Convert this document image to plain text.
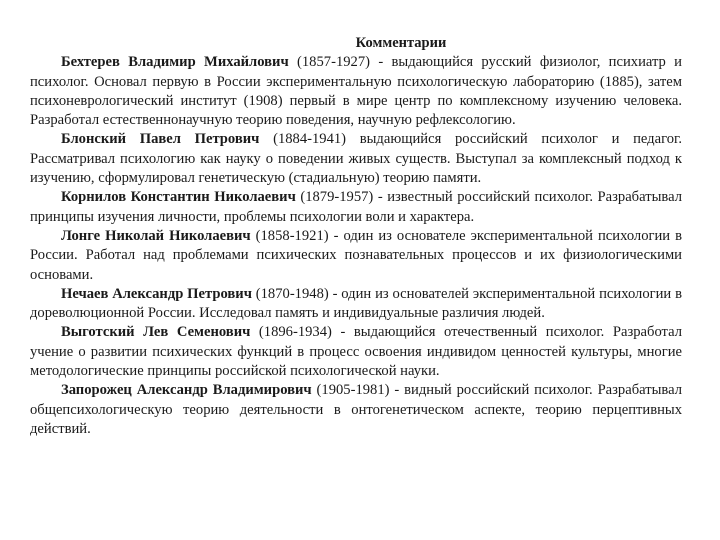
Комментарии

Бехтерев Владимир Михайлович (1857-1927) - выдающийся русский физиолог, психиатр и психолог. Основал первую в России экспериментальную психологическую лабораторию (1885), затем психоневрологический институт (1908) первый в мире центр по комплексному изучению человека. Разработал естественнонаучную теорию поведения, научную рефлексологию.

Блонский Павел Петрович (1884-1941) выдающийся российский психолог и педагог. Рассматривал психологию как науку о поведении живых существ. Выступал за комплексный подход к изучению, сформулировал генетическую (стадиальную) теорию памяти.

Корнилов Константин Николаевич (1879-1957) - известный российский психолог. Разрабатывал принципы изучения личности, проблемы психологии воли и характера.

Лонге Николай Николаевич (1858-1921) - один из основателе экспериментальной психологии в России. Работал над проблемами психических познавательных процессов и их физиологическими основами.

Нечаев Александр Петрович (1870-1948) - один из основателей экспериментальной психологии в дореволюционной России. Исследовал память и индивидуальные различия людей.

Выготский Лев Семенович (1896-1934) - выдающийся отечественный психолог. Разработал учение о развитии психических функций в процесс освоения индивидом ценностей культуры, многие методологические принципы российской психологической науки.

Запорожец Александр Владимирович (1905-1981) - видный российский психолог. Разрабатывал общепсихологическую теорию деятельности в онтогенетическом аспекте, теорию перцептивных действий.
